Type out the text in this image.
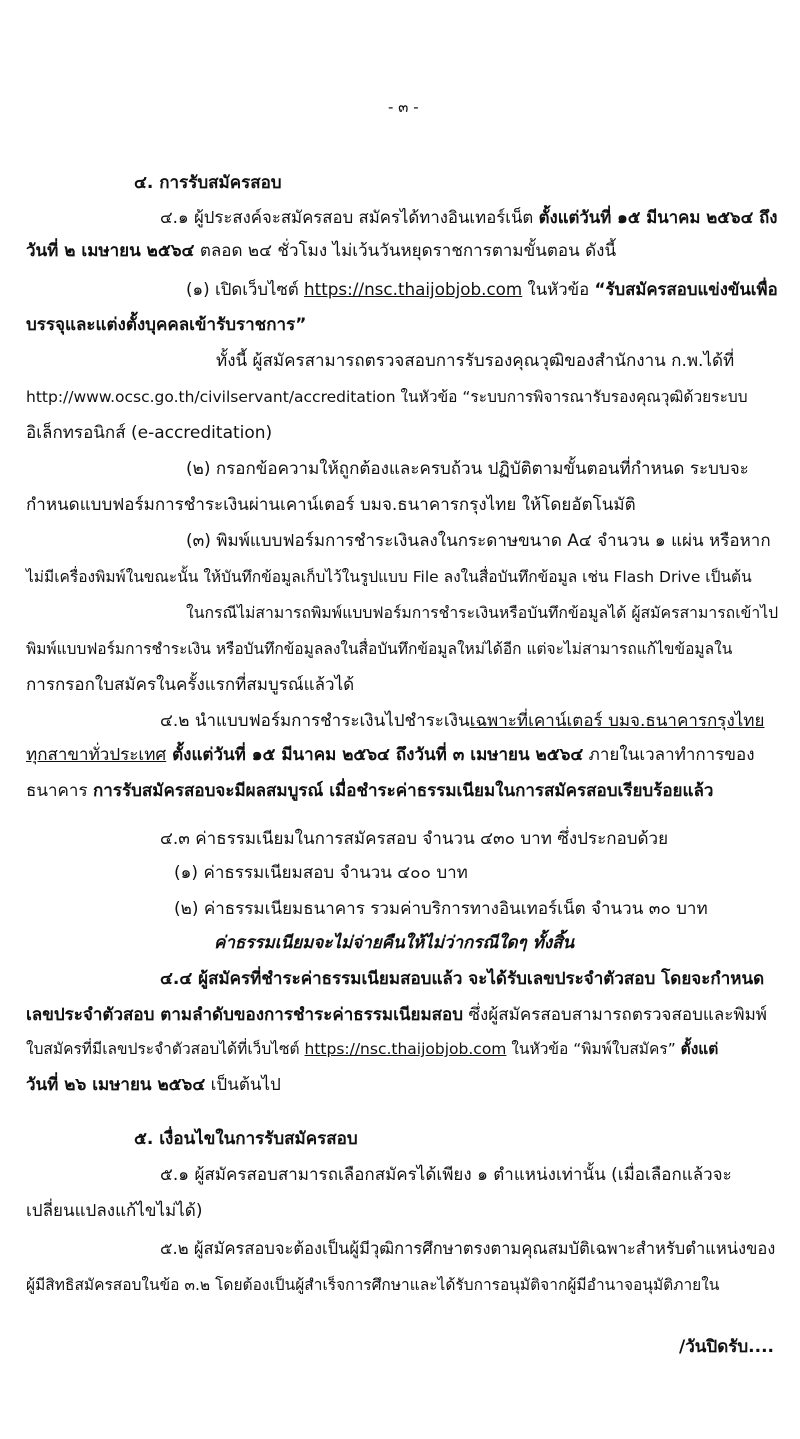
- ๓ -
๔. การรับสมัครสอบ
๔.๑ ผู้ประสงค์จะสมัครสอบ สมัครได้ทางอินเทอร์เน็ต ตั้งแต่วันที่ ๑๕ มีนาคม ๒๕๖๔ ถึง
วันที่ ๒ เมษายน ๒๕๖๔ ตลอด ๒๔ ชั่วโมง ไม่เว้นวันหยุดราชการตามขั้นตอน ดังนี้
(๑) เปิดเว็บไซต์ https://nsc.thaijobjob.com ในหัวข้อ “รับสมัครสอบแข่งขันเพื่อ
บรรจุและแต่งตั้งบุคคลเข้ารับราชการ”
ทั้งนี้ ผู้สมัครสามารถตรวจสอบการรับรองคุณวุฒิของสำนักงาน ก.พ.ได้ที่
http://www.ocsc.go.th/civilservant/accreditation ในหัวข้อ “ระบบการพิจารณารับรองคุณวุฒิด้วยระบบ
อิเล็กทรอนิกส์ (e-accreditation)
(๒) กรอกข้อความให้ถูกต้องและครบถ้วน ปฏิบัติตามขั้นตอนที่กำหนด ระบบจะ
กำหนดแบบฟอร์มการชำระเงินผ่านเคาน์เตอร์ บมจ.ธนาคารกรุงไทย ให้โดยอัตโนมัติ
(๓) พิมพ์แบบฟอร์มการชำระเงินลงในกระดาษขนาด A๔ จำนวน ๑ แผ่น หรือหาก
ไม่มีเครื่องพิมพ์ในขณะนั้น ให้บันทึกข้อมูลเก็บไว้ในรูปแบบ File ลงในสื่อบันทึกข้อมูล เช่น Flash Drive เป็นต้น
ในกรณีไม่สามารถพิมพ์แบบฟอร์มการชำระเงินหรือบันทึกข้อมูลได้ ผู้สมัครสามารถเข้าไป
พิมพ์แบบฟอร์มการชำระเงิน หรือบันทึกข้อมูลลงในสื่อบันทึกข้อมูลใหม่ได้อีก แต่จะไม่สามารถแก้ไขข้อมูลใน
การกรอกใบสมัครในครั้งแรกที่สมบูรณ์แล้วได้
๔.๒ นำแบบฟอร์มการชำระเงินไปชำระเงินเฉพาะที่เคาน์เตอร์ บมจ.ธนาคารกรุงไทย
ทุกสาขาทั่วประเทศ ตั้งแต่วันที่ ๑๕ มีนาคม ๒๕๖๔ ถึงวันที่ ๓ เมษายน ๒๕๖๔ ภายในเวลาทำการของ
ธนาคาร การรับสมัครสอบจะมีผลสมบูรณ์ เมื่อชำระค่าธรรมเนียมในการสมัครสอบเรียบร้อยแล้ว
๔.๓ ค่าธรรมเนียมในการสมัครสอบ จำนวน ๔๓๐ บาท ซึ่งประกอบด้วย
(๑) ค่าธรรมเนียมสอบ จำนวน ๔๐๐ บาท
(๒) ค่าธรรมเนียมธนาคาร รวมค่าบริการทางอินเทอร์เน็ต จำนวน ๓๐ บาท
ค่าธรรมเนียมจะไม่จ่ายคืนให้ไม่ว่ากรณีใดๆ ทั้งสิ้น
๔.๔ ผู้สมัครที่ชำระค่าธรรมเนียมสอบแล้ว จะได้รับเลขประจำตัวสอบ โดยจะกำหนด
เลขประจำตัวสอบ ตามลำดับของการชำระค่าธรรมเนียมสอบ ซึ่งผู้สมัครสอบสามารถตรวจสอบและพิมพ์
ใบสมัครที่มีเลขประจำตัวสอบได้ที่เว็บไซต์ https://nsc.thaijobjob.com ในหัวข้อ “พิมพ์ใบสมัคร” ตั้งแต่
วันที่ ๒๖ เมษายน ๒๕๖๔ เป็นต้นไป
๕. เงื่อนไขในการรับสมัครสอบ
๕.๑ ผู้สมัครสอบสามารถเลือกสมัครได้เพียง ๑ ตำแหน่งเท่านั้น (เมื่อเลือกแล้วจะ
เปลี่ยนแปลงแก้ไขไม่ได้)
๕.๒ ผู้สมัครสอบจะต้องเป็นผู้มีวุฒิการศึกษาตรงตามคุณสมบัติเฉพาะสำหรับตำแหน่งของ
ผู้มีสิทธิสมัครสอบในข้อ ๓.๒ โดยต้องเป็นผู้สำเร็จการศึกษาและได้รับการอนุมัติจากผู้มีอำนาจอนุมัติภายใน
/วันปิดรับ....
